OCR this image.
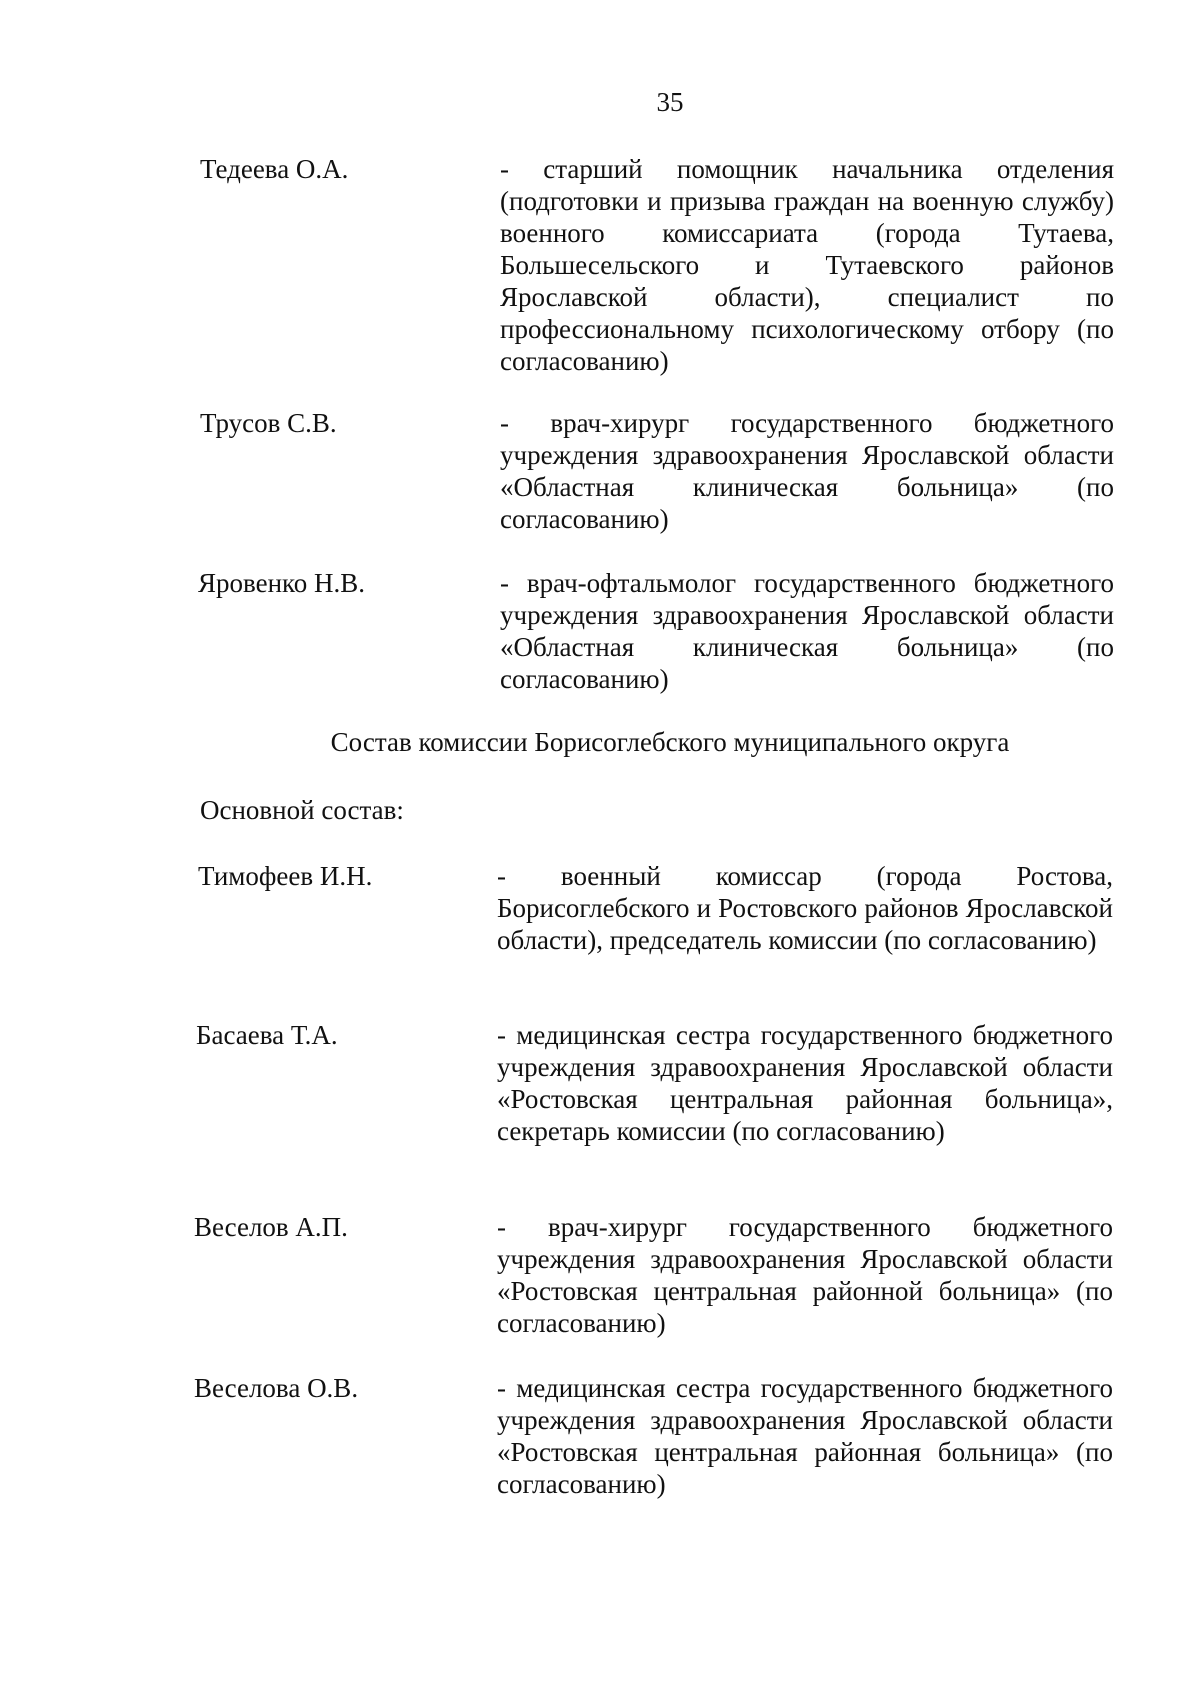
35
Тедеева О.А.	- старший помощник начальника отделения (подготовки и призыва граждан на военную службу) военного комиссариата (города Тутаева, Большесельского и Тутаевского районов Ярославской области), специалист по профессиональному психологическому отбору (по согласованию)
Трусов С.В.	- врач-хирург государственного бюджетного учреждения здравоохранения Ярославской области «Областная клиническая больница» (по согласованию)
Яровенко Н.В.	- врач-офтальмолог государственного бюджетного учреждения здравоохранения Ярославской области «Областная клиническая больница» (по согласованию)
Состав комиссии Борисоглебского муниципального округа
Основной состав:
Тимофеев И.Н.	- военный комиссар (города Ростова, Борисоглебского и Ростовского районов Ярославской области), председатель комиссии (по согласованию)
Басаева Т.А.	- медицинская сестра государственного бюджетного учреждения здравоохранения Ярославской области «Ростовская центральная районная больница», секретарь комиссии (по согласованию)
Веселов А.П.	- врач-хирург государственного бюджетного учреждения здравоохранения Ярославской области «Ростовская центральная районной больница» (по согласованию)
Веселова О.В.	- медицинская сестра государственного бюджетного учреждения здравоохранения Ярославской области «Ростовская центральная районная больница» (по согласованию)
